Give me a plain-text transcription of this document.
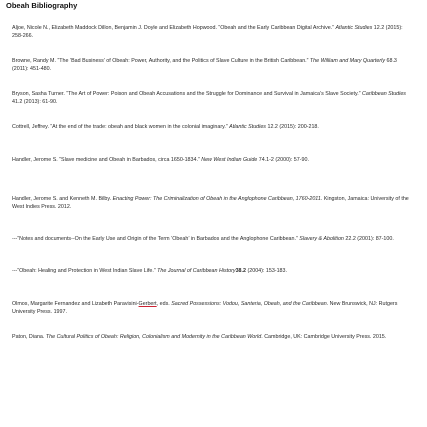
Obeah Bibliography
Aljoe, Nicole N., Elizabeth Maddock Dillon, Benjamin J. Doyle and Elizabeth Hopwood. “Obeah and the Early Caribbean Digital Archive.” Atlantic Studies 12.2 (2015): 258-266.
Browne, Randy M. “The ‘Bad Business’ of Obeah: Power, Authority, and the Politics of Slave Culture in the British Caribbean.” The William and Mary Quarterly 68.3 (2011): 451-480.
Bryson, Sasha Turner. “The Art of Power: Poison and Obeah Accusations and the Struggle for Dominance and Survival in Jamaica’s Slave Society.” Caribbean Studies 41.2 (2013): 61-90.
Cottrell, Jeffrey. “At the end of the trade: obeah and black women in the colonial imaginary.” Atlantic Studies 12.2 (2015): 200-218.
Handler, Jerome S. “Slave medicine and Obeah in Barbados, circa 1650-1834.” New West Indian Guide 74.1-2 (2000): 57-90.
Handler, Jerome S. and Kenneth M. Bilby. Enacting Power: The Criminalization of Obeah in the Anglophone Caribbean, 1760-2011. Kingston, Jamaica: University of the West Indies Press. 2012.
---“Notes and documents--On the Early Use and Origin of the Term ‘Obeah’ in Barbados and the Anglophone Caribbean.” Slavery & Abolition 22.2 (2001): 87-100.
---“Obeah: Healing and Protection in West Indian Slave Life.” The Journal of Caribbean History38.2 (2004): 153-183.
Olmos, Margarite Fernandez and Lizabeth Paravisini-Gerbert, eds. Sacred Possessions: Vodou, Santeria, Obeah, and the Caribbean. New Brunswick, NJ: Rutgers University Press. 1997.
Paton, Diana. The Cultural Politics of Obeah: Religion, Colonialism and Modernity in the Caribbean World. Cambridge, UK: Cambridge University Press. 2015.
